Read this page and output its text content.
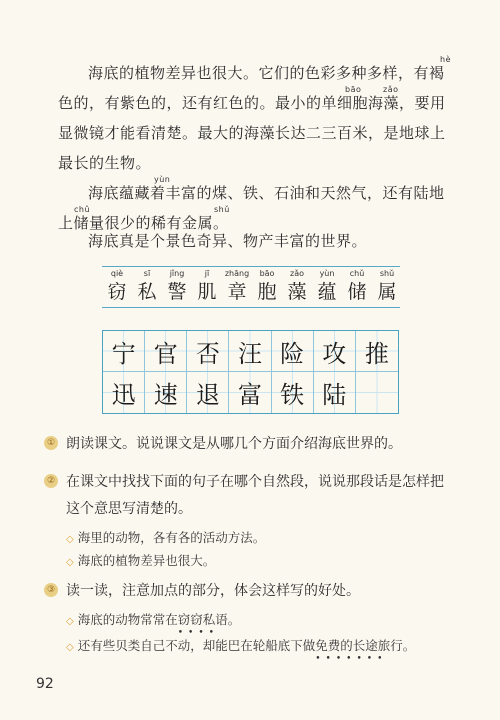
海底的植物差异也很大。它们的色彩多种多样，有褐
hè
色的，有紫色的，还有红色的。最小的单细胞海藻，要用
bāo	zǎo
显微镜才能看清楚。最大的海藻长达二三百米，是地球上
最长的生物。
海底蕴藏着丰富的煤、铁、石油和天然气，还有陆地
yùn
上储量很少的稀有金属。
chǔ	shǔ
海底真是个景色奇异、物产丰富的世界。
qiè
窃
sī
私
jǐng
警
jī
肌
zhāng
章
bāo
胞
zǎo
藻
yùn
蕴
chǔ
储
shǔ
属
宁 官 否 汪 险 攻 推
迅 速 退 富 铁 陆
① 朗读课文。说说课文是从哪几个方面介绍海底世界的。
② 在课文中找找下面的句子在哪个自然段，说说那段话是怎样把
这个意思写清楚的。
◇ 海里的动物，各有各的活动方法。
◇ 海底的植物差异也很大。
③ 读一读，注意加点的部分，体会这样写的好处。
◇ 海底的动物常常在窃窃私语
••••
。
◇ 还有些贝类自己不动，却能巴在轮船底下做免费的长途旅行
•••••••
。
92
